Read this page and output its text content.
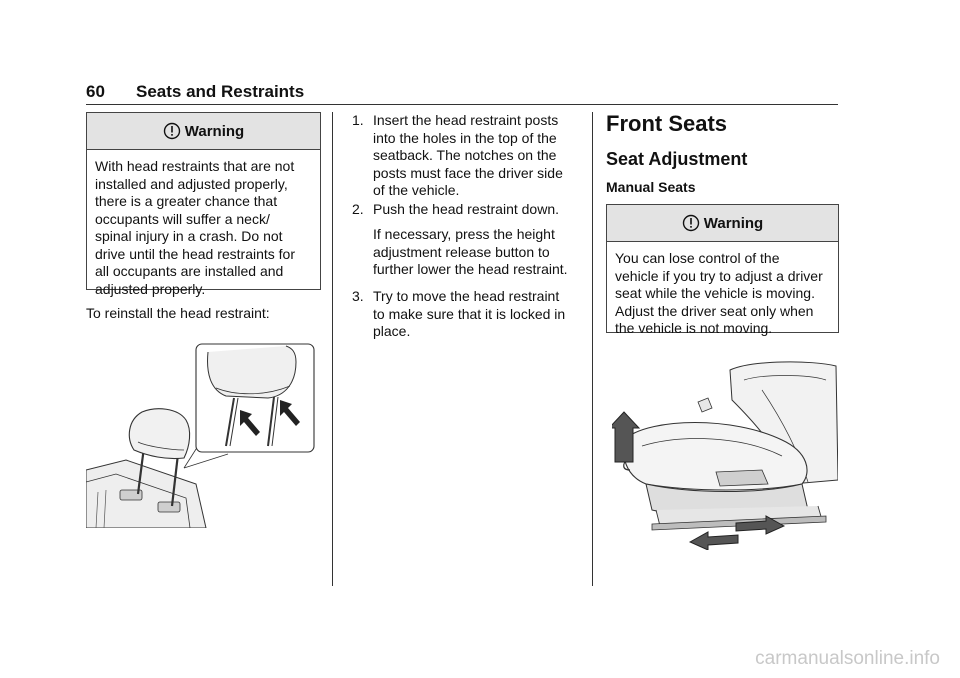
60 Seats and Restraints
Warning
With head restraints that are not
installed and adjusted properly,
there is a greater chance that
occupants will suffer a neck/
spinal injury in a crash. Do not
drive until the head restraints for
all occupants are installed and
adjusted properly.
To reinstall the head restraint:
1. Insert the head restraint posts
into the holes in the top of the
seatback. The notches on the
posts must face the driver side
of the vehicle.
2. Push the head restraint down.
If necessary, press the height
adjustment release button to
further lower the head restraint.
3. Try to move the head restraint
to make sure that it is locked in
place.
Front Seats
Seat Adjustment
Manual Seats
Warning
You can lose control of the
vehicle if you try to adjust a driver
seat while the vehicle is moving.
Adjust the driver seat only when
the vehicle is not moving.
carmanualsonline.info
